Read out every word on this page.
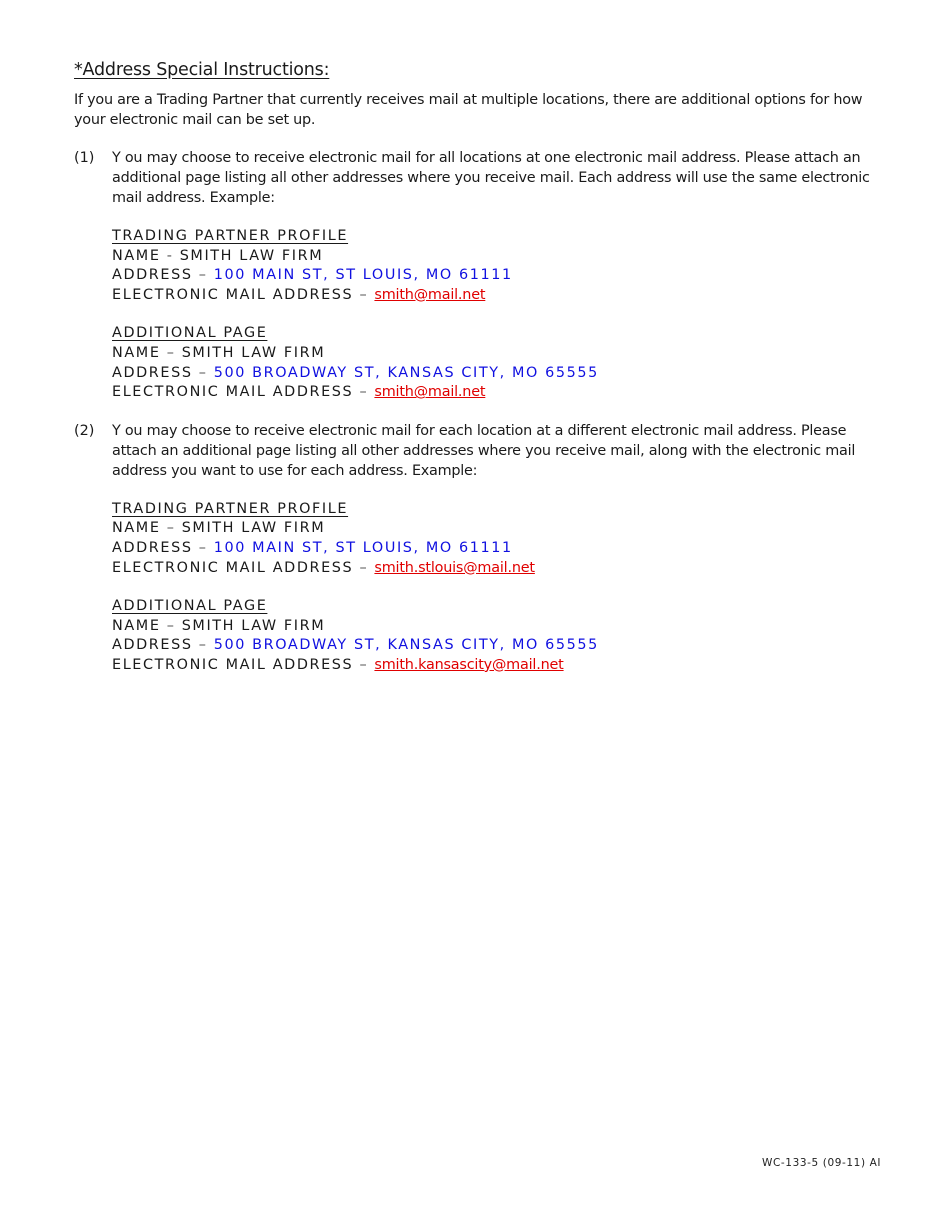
*Address Special Instructions:

If you are a Trading Partner that currently receives mail at multiple locations, there are additional options for how your electronic mail can be set up.

(1)	Y ou may choose to receive electronic mail for all locations at one electronic mail address. Please attach an additional page listing all other addresses where you receive mail. Each address will use the same electronic mail address. Example:

TRADING PARTNER PROFILE
NAME - SMITH LAW FIRM
ADDRESS – 100 MAIN ST, ST LOUIS, MO 61111
ELECTRONIC MAIL ADDRESS – smith@mail.net
ADDITIONAL PAGE
NAME – SMITH LAW FIRM
ADDRESS – 500 BROADWAY ST, KANSAS CITY, MO 65555
ELECTRONIC MAIL ADDRESS – smith@mail.net
(2)	Y ou may choose to receive electronic mail for each location at a different electronic mail address. Please attach an additional page listing all other addresses where you receive mail, along with the electronic mail address you want to use for each address. Example:

TRADING PARTNER PROFILE
NAME – SMITH LAW FIRM
ADDRESS – 100 MAIN ST, ST LOUIS, MO 61111
ELECTRONIC MAIL ADDRESS – smith.stlouis@mail.net
ADDITIONAL PAGE
NAME – SMITH LAW FIRM
ADDRESS – 500 BROADWAY ST, KANSAS CITY, MO 65555
ELECTRONIC MAIL ADDRESS – smith.kansascity@mail.net
WC-133-5 (09-11) AI
